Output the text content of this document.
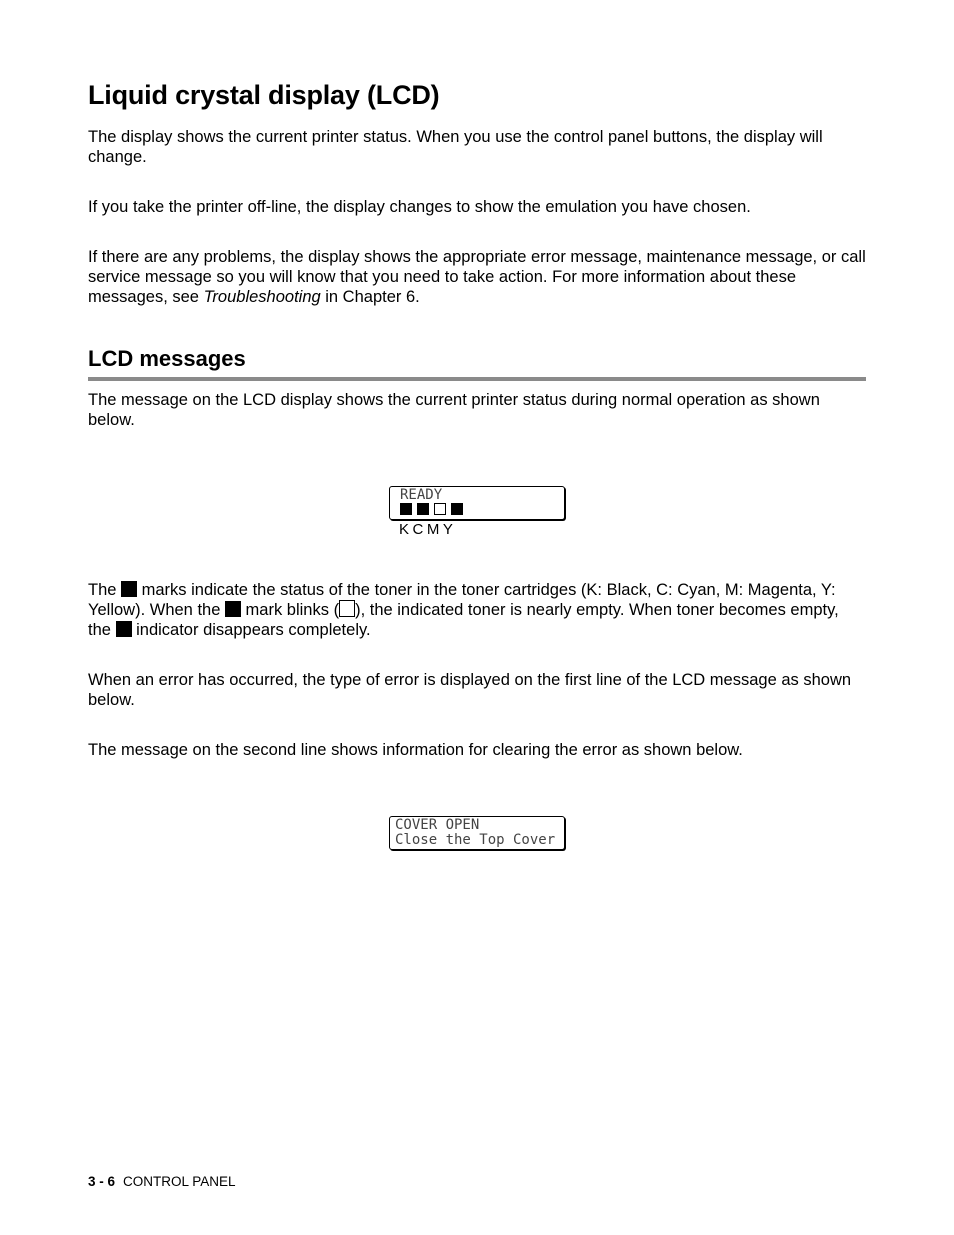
Liquid crystal display (LCD)

The display shows the current printer status. When you use the control panel buttons, the display will change.

If you take the printer off-line, the display changes to show the emulation you have chosen.

If there are any problems, the display shows the appropriate error message, maintenance message, or call service message so you will know that you need to take action. For more information about these messages, see Troubleshooting in Chapter 6.

LCD messages

The message on the LCD display shows the current printer status during normal operation as shown below.

READY
KCMY

The  marks indicate the status of the toner in the toner cartridges (K: Black, C: Cyan, M: Magenta, Y: Yellow). When the  mark blinks ( ), the indicated toner is nearly empty. When toner becomes empty, the  indicator disappears completely.

When an error has occurred, the type of error is displayed on the first line of the LCD message as shown below.

The message on the second line shows information for clearing the error as shown below.

COVER OPEN
Close the Top Cover
3 - 6 CONTROL PANEL
